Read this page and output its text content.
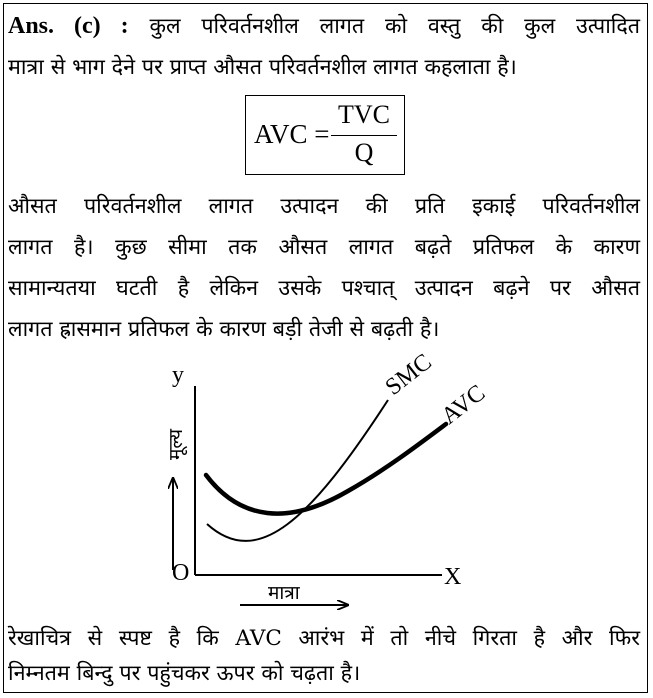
Ans. (c) : कुल परिवर्तनशील लागत को वस्तु की कुल उत्पादित
मात्रा से भाग देने पर प्राप्त औसत परिवर्तनशील लागत कहलाता है।
AVC =
TVC
Q
औसत परिवर्तनशील लागत उत्पादन की प्रति इकाई परिवर्तनशील
लागत है। कुछ सीमा तक औसत लागत बढ़ते प्रतिफल के कारण
सामान्यतया घटती है लेकिन उसके पश्चात् उत्पादन बढ़ने पर औसत
लागत ह्रासमान प्रतिफल के कारण बड़ी तेजी से बढ़ती है।
y
O	X
SMC
AVC
मूल्य
मात्रा
रेखाचित्र से स्पष्ट है कि AVC आरंभ में तो नीचे गिरता है और फिर
निम्नतम बिन्दु पर पहुंचकर ऊपर को चढ़ता है।
